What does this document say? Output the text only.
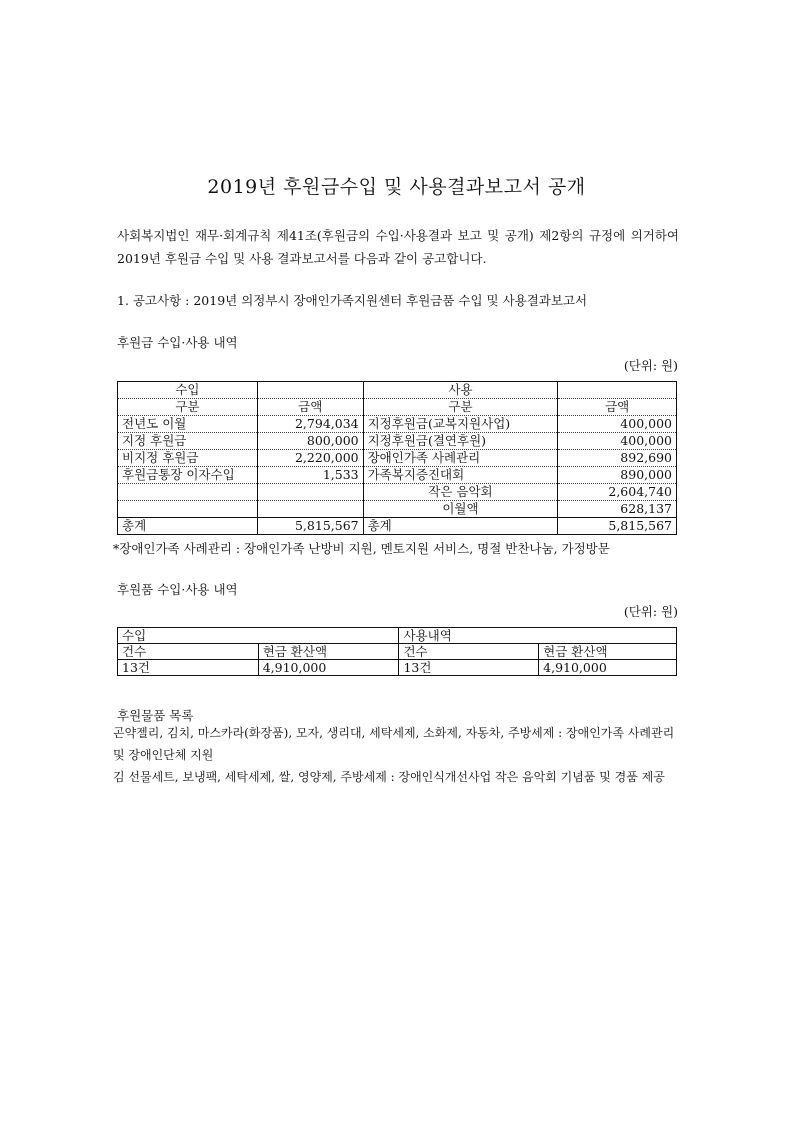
2019년 후원금수입 및 사용결과보고서 공개
사회복지법인 재무·회계규칙 제41조(후원금의 수입·사용결과 보고 및 공개) 제2항의 규정에 의거하여 2019년 후원금 수입 및 사용 결과보고서를 다음과 같이 공고합니다.
1. 공고사항 : 2019년 의정부시 장애인가족지원센터 후원금품 수입 및 사용결과보고서
후원금 수입·사용 내역
(단위: 원)
수입		사용	
구분	금액	구분	금액
전년도 이월	2,794,034	지정후원금(교복지원사업)	400,000
지정 후원금	800,000	지정후원금(결연후원)	400,000
비지정 후원금	2,220,000	장애인가족 사례관리	892,690
후원금통장 이자수입	1,533	가족복지증진대회	890,000
		작은 음악회	2,604,740
		이월액	628,137
총계	5,815,567	총계	5,815,567
*장애인가족 사례관리 : 장애인가족 난방비 지원, 멘토지원 서비스, 명절 반찬나눔, 가정방문
후원품 수입·사용 내역
(단위: 원)
수입		사용내역	
건수	현금 환산액	건수	현금 환산액
13건	4,910,000	13건	4,910,000
후원물품 목록
곤약젤리, 김치, 마스카라(화장품), 모자, 생리대, 세탁세제, 소화제, 자동차, 주방세제 : 장애인가족 사례관리 및 장애인단체 지원
김 선물세트, 보냉팩, 세탁세제, 쌀, 영양제, 주방세제 : 장애인식개선사업 작은 음악회 기념품 및 경품 제공
